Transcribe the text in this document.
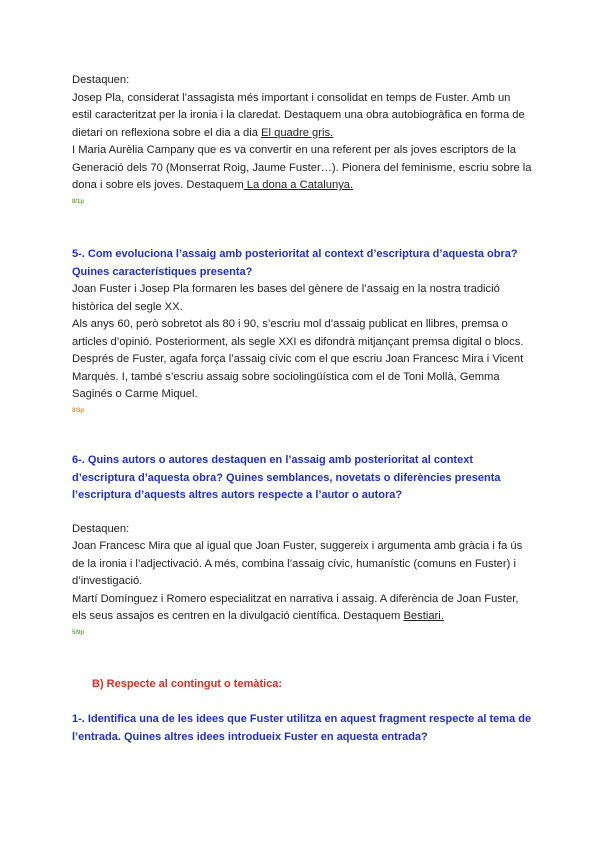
Destaquen:

Josep Pla, considerat l’assagista més important i consolidat en temps de Fuster. Amb un estil caracteritzat per la ironia i la claredat. Destaquem una obra autobiogràfica en forma de dietari on reflexiona sobre el dia a dia El quadre gris.

I Maria Aurèlia Campany que es va convertir en una referent per als joves escriptors de la Generació dels 70 (Monserrat Roig, Jaume Fuster…). Pionera del feminisme, escriu sobre la dona i sobre els joves. Destaquem La dona a Catalunya.

8/1p

5-. Com evoluciona l’assaig amb posterioritat al context d’escriptura d’aquesta obra? Quines característiques presenta?

Joan Fuster i Josep Pla formaren les bases del gènere de l’assaig en la nostra tradició històrica del segle XX.

Als anys 60, però sobretot als 80 i 90, s’escriu mol d’assaig publicat en llibres, premsa o articles d’opinió. Posteriorment, als segle XXI es difondrà mitjançant premsa digital o blocs.

Després de Fuster, agafa força l’assaig cívic com el que escriu Joan Francesc Mira i Vicent Marquès. I, també s’escriu assaig sobre sociolingüística com el de Toni Mollà, Gemma Saginés o Carme Miquel.

8/3p

6-. Quins autors o autores destaquen en l’assaig amb posterioritat al context d’escriptura d’aquesta obra? Quines semblances, novetats o diferències presenta l’escriptura d’aquests altres autors respecte a l’autor o autora?

Destaquen:

Joan Francesc Mira que al igual que Joan Fuster, suggereix i argumenta amb gràcia i fa ús de la ironia i l’adjectivació. A més, combina l’assaig cívic, humanístic (comuns en Fuster) i d’investigació.

Martí Domínguez i Romero especialitzat en narrativa i assaig. A diferència de Joan Fuster, els seus assajos es centren en la divulgació científica. Destaquem Bestiari.

5/9p

B) Respecte al contingut o temàtica:

1-. Identifica una de les idees que Fuster utilitza en aquest fragment respecte al tema de l’entrada. Quines altres idees introdueix Fuster en aquesta entrada?
